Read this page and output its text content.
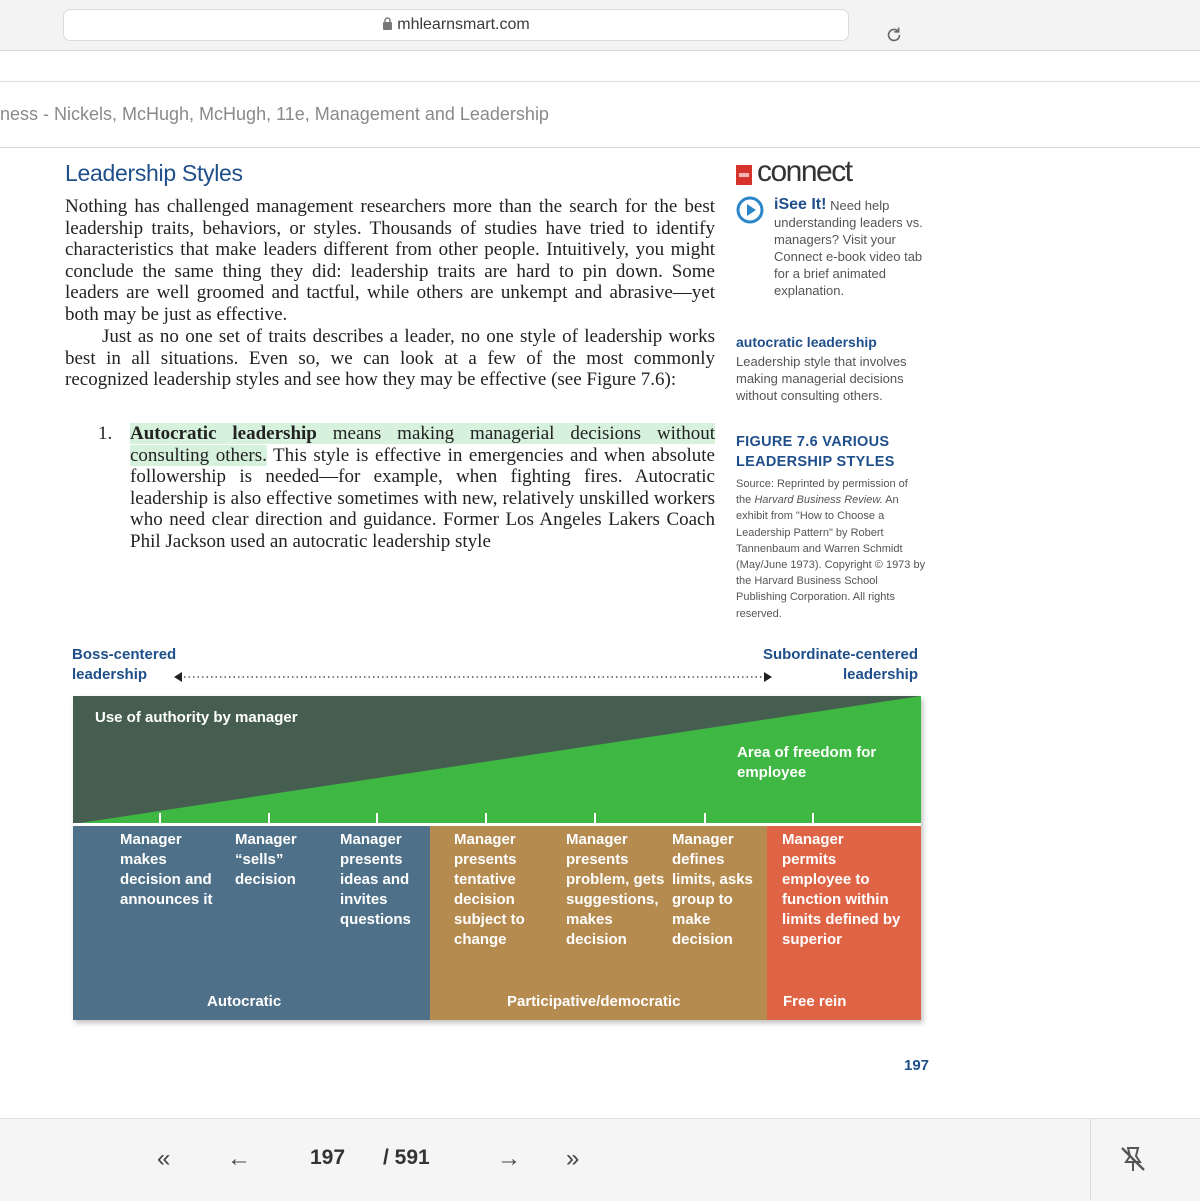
mhlearnsmart.com
ness - Nickels, McHugh, McHugh, 11e, Management and Leadership
Leadership Styles
Nothing has challenged management researchers more than the search for the best leadership traits, behaviors, or styles. Thousands of studies have tried to identify characteristics that make leaders different from other people. Intuitively, you might conclude the same thing they did: leadership traits are hard to pin down. Some leaders are well groomed and tactful, while others are unkempt and abrasive—yet both may be just as effective.
Just as no one set of traits describes a leader, no one style of leadership works best in all situations. Even so, we can look at a few of the most commonly recognized leadership styles and see how they may be effective (see Figure 7.6):
1. Autocratic leadership means making managerial decisions without consulting others. This style is effective in emergencies and when absolute followership is needed—for example, when fighting fires. Autocratic leadership is also effective sometimes with new, relatively unskilled workers who need clear direction and guidance. Former Los Angeles Lakers Coach Phil Jackson used an autocratic leadership style
connect
Need help understanding leaders vs. managers? Visit your Connect e-book video tab for a brief animated explanation.
iSee It!
autocratic leadership
Leadership style that involves making managerial decisions without consulting others.
FIGURE 7.6 VARIOUS LEADERSHIP STYLES
Source: Reprinted by permission of the Harvard Business Review. An exhibit from "How to Choose a Leadership Pattern" by Robert Tannenbaum and Warren Schmidt (May/June 1973). Copyright © 1973 by the Harvard Business School Publishing Corporation. All rights reserved.
Boss-centered leadership
Subordinate-centered leadership
Use of authority by manager
Area of freedom for employee
Manager makes decision and announces it
Manager “sells” decision
Manager presents ideas and invites questions
Manager presents tentative decision subject to change
Manager presents problem, gets suggestions, makes decision
Manager defines limits, asks group to make decision
Manager permits employee to function within limits defined by superior
Autocratic	Participative/democratic	Free rein
197
« ←	197 / 591	→ »
